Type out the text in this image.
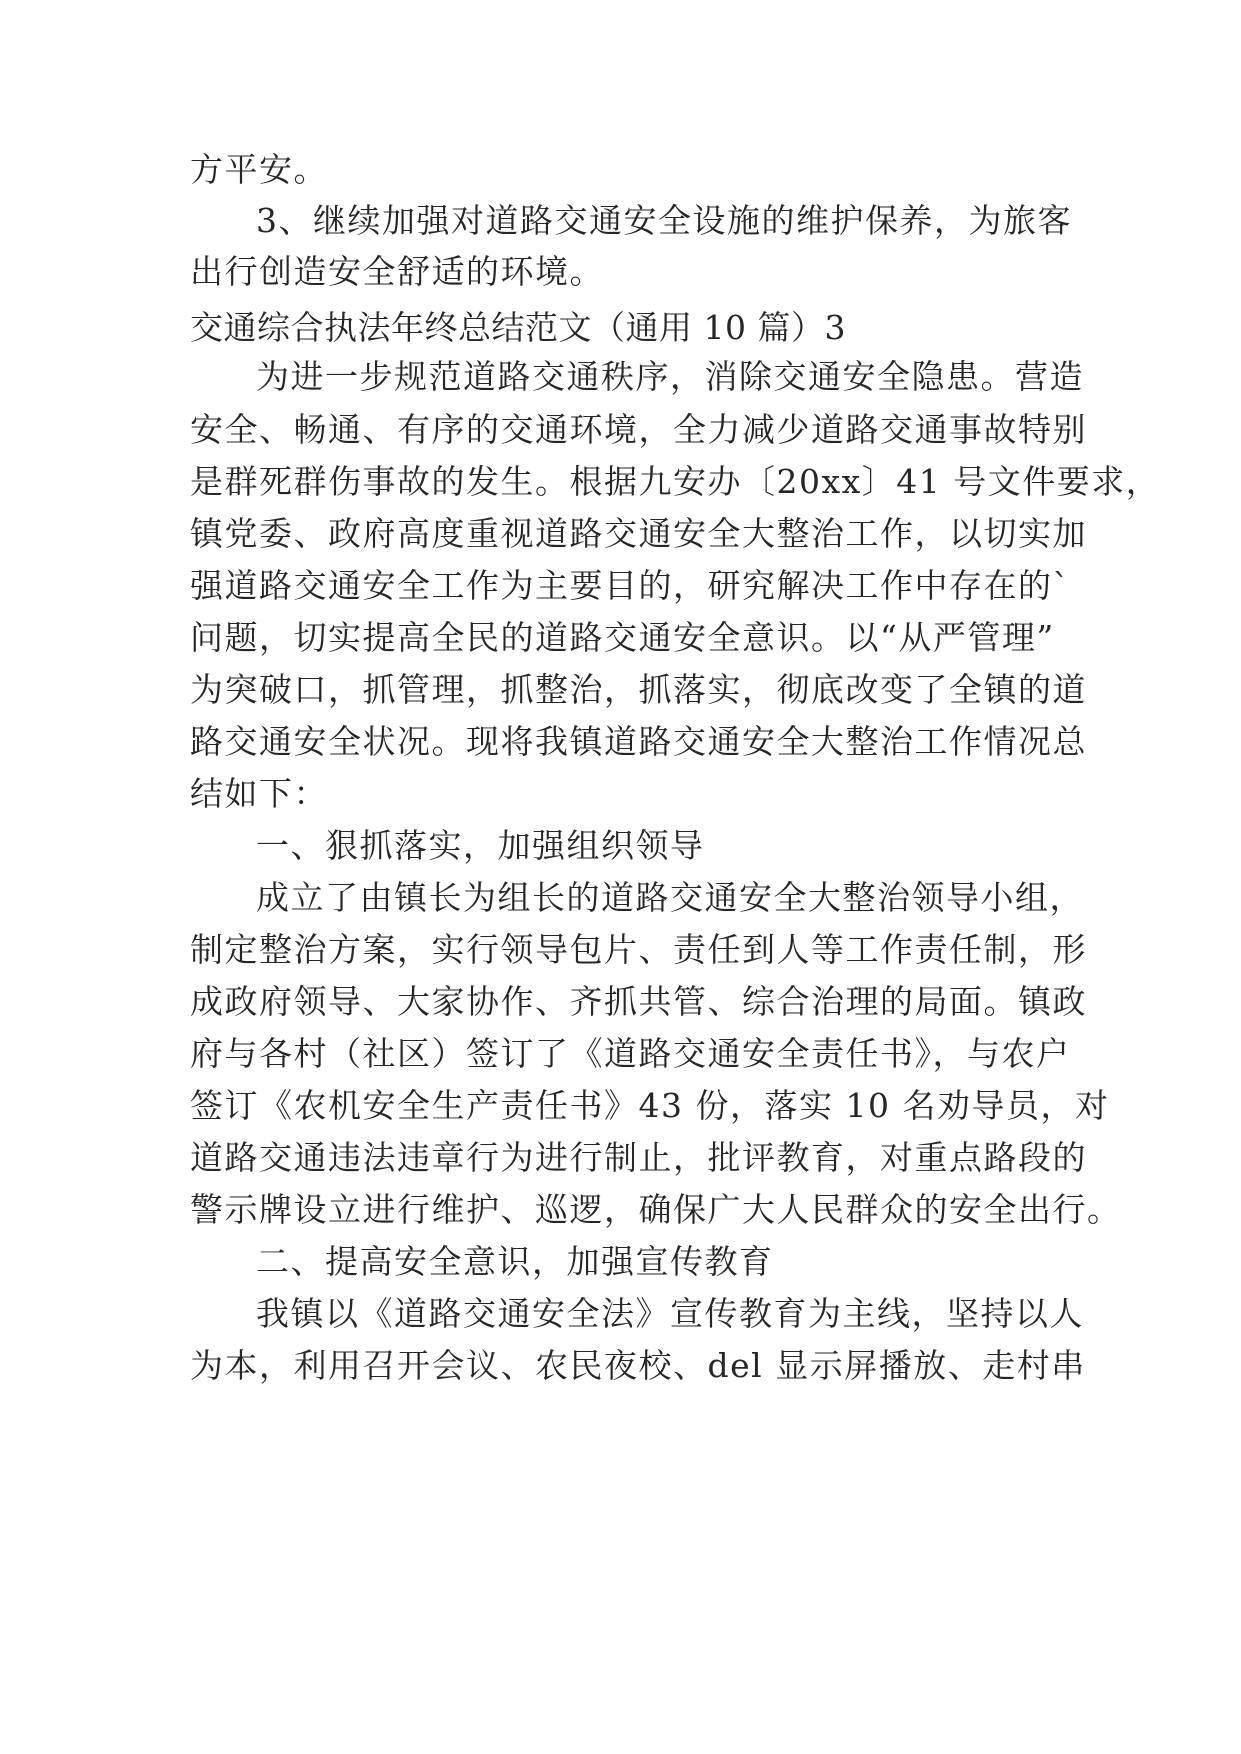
方平安。
3、继续加强对道路交通安全设施的维护保养，为旅客
出行创造安全舒适的环境。
交通综合执法年终总结范文（通用 10 篇）3
为进一步规范道路交通秩序，消除交通安全隐患。营造
安全、畅通、有序的交通环境，全力减少道路交通事故特别
是群死群伤事故的发生。根据九安办〔20xx〕41 号文件要求，
镇党委、政府高度重视道路交通安全大整治工作，以切实加
强道路交通安全工作为主要目的，研究解决工作中存在的`
问题，切实提高全民的道路交通安全意识。以“从严管理”
为突破口，抓管理，抓整治，抓落实，彻底改变了全镇的道
路交通安全状况。现将我镇道路交通安全大整治工作情况总
结如下：
一、狠抓落实，加强组织领导
成立了由镇长为组长的道路交通安全大整治领导小组，
制定整治方案，实行领导包片、责任到人等工作责任制，形
成政府领导、大家协作、齐抓共管、综合治理的局面。镇政
府与各村（社区）签订了《道路交通安全责任书》，与农户
签订《农机安全生产责任书》43 份，落实 10 名劝导员，对
道路交通违法违章行为进行制止，批评教育，对重点路段的
警示牌设立进行维护、巡逻，确保广大人民群众的安全出行。
二、提高安全意识，加强宣传教育
我镇以《道路交通安全法》宣传教育为主线，坚持以人
为本，利用召开会议、农民夜校、del 显示屏播放、走村串
